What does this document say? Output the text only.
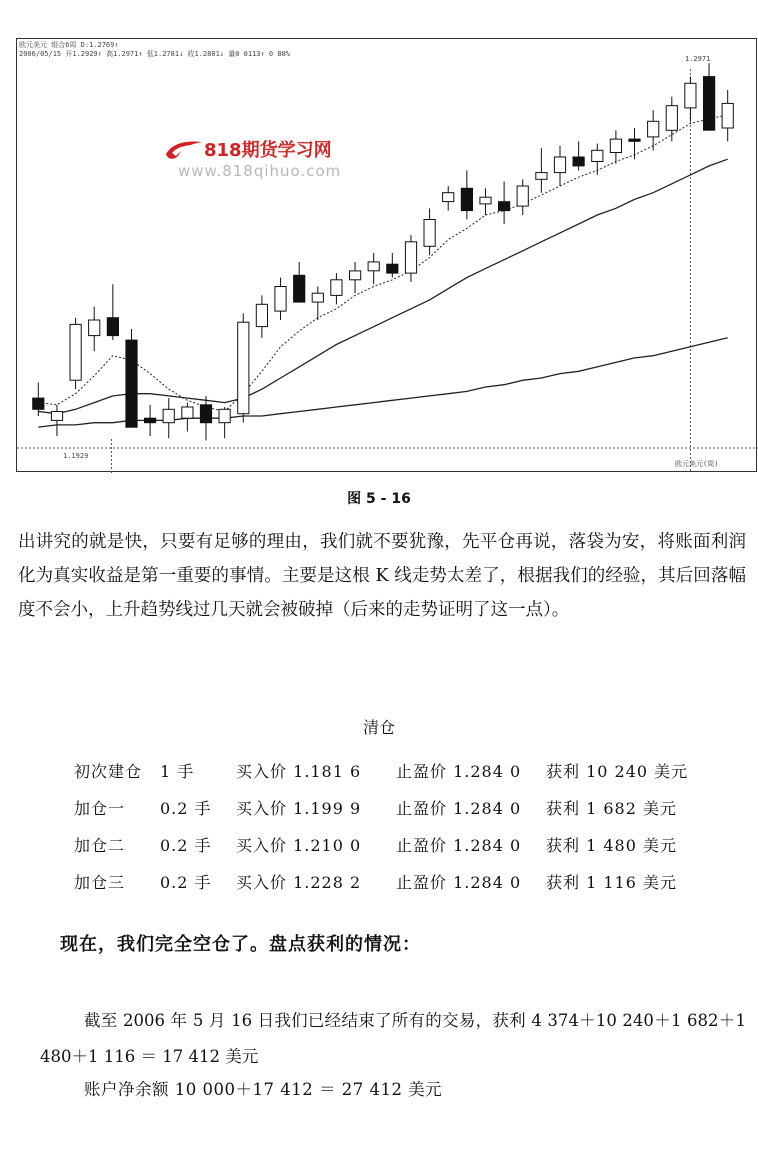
欧元美元 组合6周 D:1.2769↑
2006/05/15 开1.2929↑ 高1.2971↑ 低1.2781↓ 收1.2801↓ 量0 0113↑ 0 88%
1.2971
1.1929
欧元美元(周)
818期货学习网
www.818qihuo.com
图 5 - 16
出讲究的就是快，只要有足够的理由，我们就不要犹豫，先平仓再说，落袋为安，将账面利润化为真实收益是第一重要的事情。主要是这根 K 线走势太差了，根据我们的经验，其后回落幅度不会小，上升趋势线过几天就会被破掉（后来的走势证明了这一点）。
清仓
初次建仓	1 手	买入价 1.181 6	止盈价 1.284 0	获利 10 240 美元
加仓一	0.2 手	买入价 1.199 9	止盈价 1.284 0	获利 1 682 美元
加仓二	0.2 手	买入价 1.210 0	止盈价 1.284 0	获利 1 480 美元
加仓三	0.2 手	买入价 1.228 2	止盈价 1.284 0	获利 1 116 美元
现在，我们完全空仓了。盘点获利的情况：
截至 2006 年 5 月 16 日我们已经结束了所有的交易，获利 4 374＋10 240＋1 682＋1 480＋1 116 ＝ 17 412 美元
账户净余额 10 000＋17 412 ＝ 27 412 美元
